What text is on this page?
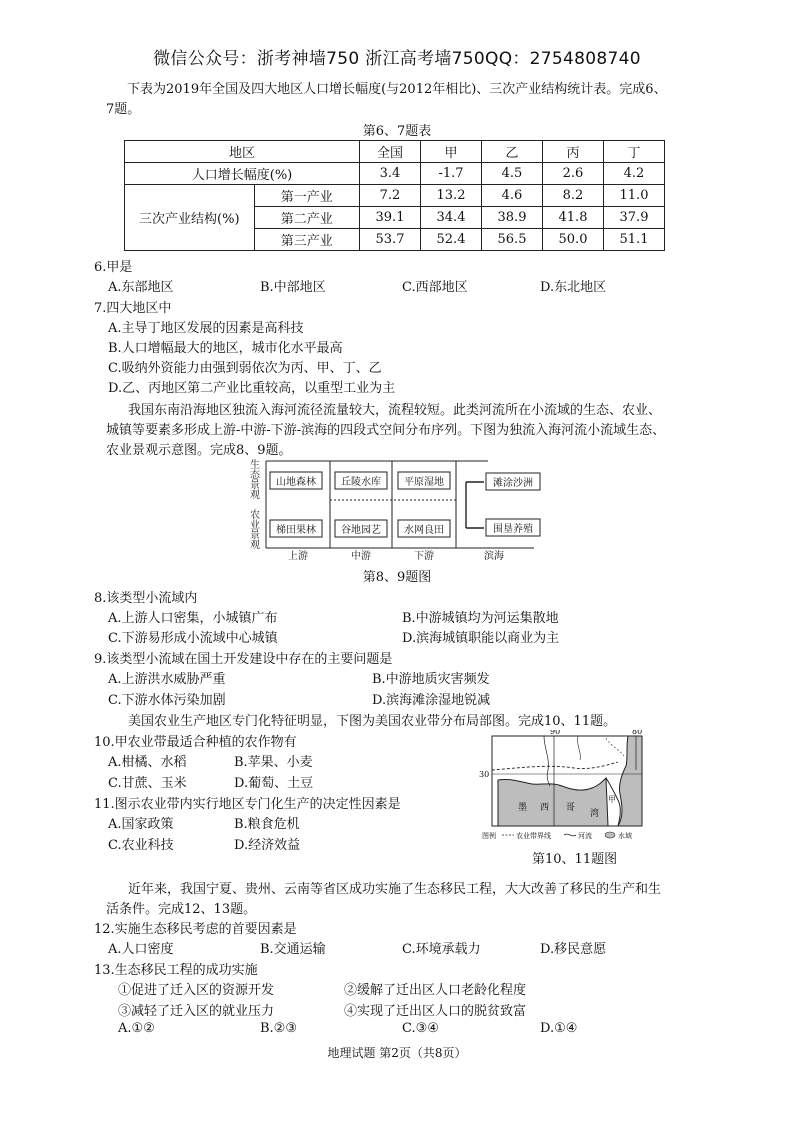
微信公众号：浙考神墙750 浙江高考墙750QQ：2754808740
下表为2019年全国及四大地区人口增长幅度(与2012年相比)、三次产业结构统计表。完成6、
7题。
第6、7题表
地区		全国	甲	乙	丙	丁
人口增长幅度(%)		3.4	-1.7	4.5	2.6	4.2
三次产业结构(%)	第一产业	7.2	13.2	4.6	8.2	11.0
	第二产业	39.1	34.4	38.9	41.8	37.9
	第三产业	53.7	52.4	56.5	50.0	51.1
6.甲是
A.东部地区	B.中部地区	C.西部地区	D.东北地区
7.四大地区中
A.主导丁地区发展的因素是高科技
B.人口增幅最大的地区，城市化水平最高
C.吸纳外资能力由强到弱依次为丙、甲、丁、乙
D.乙、丙地区第二产业比重较高，以重型工业为主
我国东南沿海地区独流入海河流径流量较大，流程较短。此类河流所在小流域的生态、农业、
城镇等要素多形成上游-中游-下游-滨海的四段式空间分布序列。下图为独流入海河流小流域生态、
农业景观示意图。完成8、9题。
生
态
景
观
农
业
景
观
山地森林	丘陵水库 平原湿地
梯田果林	谷地园艺 水网良田
滩涂沙洲
围垦养殖
上游	中游	下游	滨海
第8、9题图
8.该类型小流域内
A.上游人口密集，小城镇广布	B.中游城镇均为河运集散地
C.下游易形成小流域中心城镇	D.滨海城镇职能以商业为主
9.该类型小流域在国土开发建设中存在的主要问题是
A.上游洪水威胁严重	B.中游地质灾害频发
C.下游水体污染加剧	D.滨海滩涂湿地锐减
美国农业生产地区专门化特征明显，下图为美国农业带分布局部图。完成10、11题。
10.甲农业带最适合种植的农作物有
A.柑橘、水稻	B.苹果、小麦
C.甘蔗、玉米	D.葡萄、土豆
11.图示农业带内实行地区专门化生产的决定性因素是
A.国家政策	B.粮食危机
C.农业科技	D.经济效益
90	80
30
甲
墨 西 哥
湾
图例	农业带界线	河流	水域
第10、11题图
近年来，我国宁夏、贵州、云南等省区成功实施了生态移民工程，大大改善了移民的生产和生
活条件。完成12、13题。
12.实施生态移民考虑的首要因素是
A.人口密度	B.交通运输	C.环境承载力	D.移民意愿
13.生态移民工程的成功实施
①促进了迁入区的资源开发	②缓解了迁出区人口老龄化程度
③减轻了迁入区的就业压力	④实现了迁出区人口的脱贫致富
A.①②	B.②③	C.③④	D.①④
地理试题 第2页（共8页）
